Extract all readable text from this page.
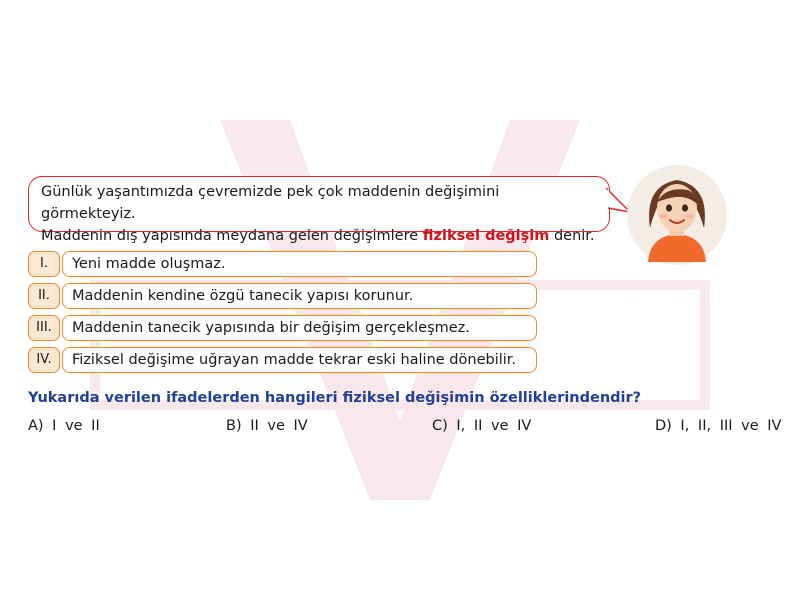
Günlük yaşantımızda çevremizde pek çok maddenin değişimini görmekteyiz.
Maddenin dış yapısında meydana gelen değişimlere fiziksel değişim denir.
I.	Yeni madde oluşmaz.
II.	Maddenin kendine özgü tanecik yapısı korunur.
III.	Maddenin tanecik yapısında bir değişim gerçekleşmez.
IV.	Fiziksel değişime uğrayan madde tekrar eski haline dönebilir.
Yukarıda verilen ifadelerden hangileri fiziksel değişimin özelliklerindendir?
A) I ve II	B) II ve IV	C) I, II ve IV	D) I, II, III ve IV
